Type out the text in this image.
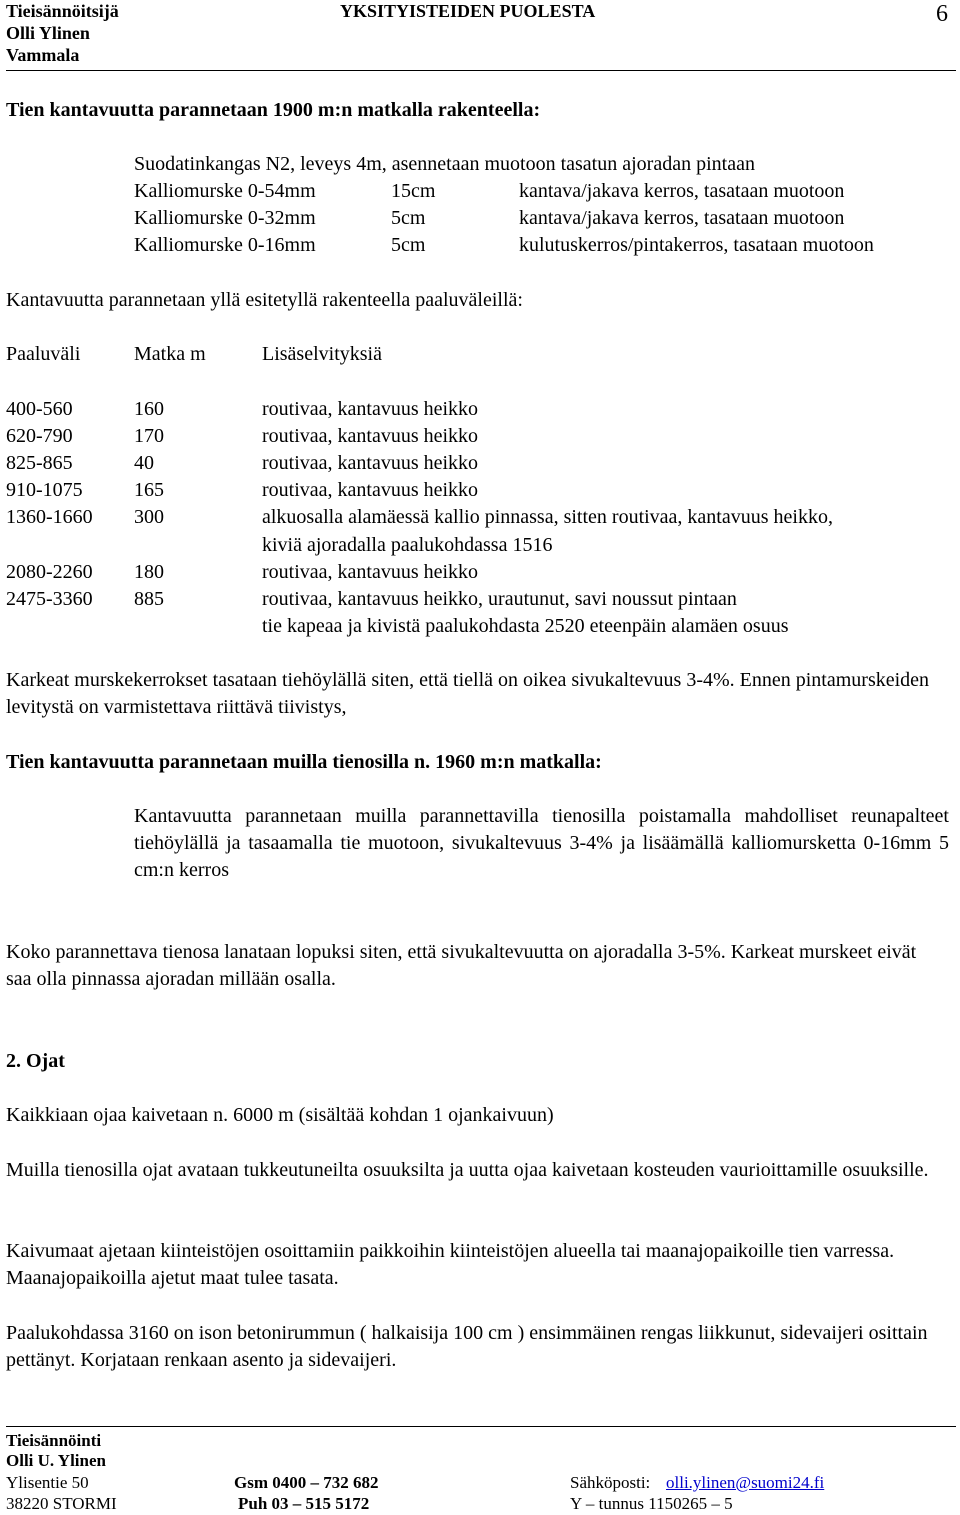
Tieisännöitsijä
Olli Ylinen
Vammala
YKSITYISTEIDEN PUOLESTA	6
Tien kantavuutta parannetaan 1900 m:n matkalla rakenteella:
Suodatinkangas N2, leveys 4m, asennetaan muotoon tasatun ajoradan pintaan
Kalliomurske 0-54mm	15cm	kantava/jakava kerros, tasataan muotoon
Kalliomurske 0-32mm	5cm	kantava/jakava kerros, tasataan muotoon
Kalliomurske 0-16mm	5cm	kulutuskerros/pintakerros, tasataan muotoon
Kantavuutta parannetaan yllä esitetyllä rakenteella paaluväleillä:
Paaluväli	Matka m	Lisäselvityksiä
400-560	160	routivaa, kantavuus heikko
620-790	170	routivaa, kantavuus heikko
825-865	40	routivaa, kantavuus heikko
910-1075	165	routivaa, kantavuus heikko
1360-1660 300	alkuosalla alamäessä kallio pinnassa, sitten routivaa, kantavuus heikko,
kiviä ajoradalla paalukohdassa 1516
2080-2260 180	routivaa, kantavuus heikko
2475-3360 885	routivaa, kantavuus heikko, urautunut, savi noussut pintaan
tie kapeaa ja kivistä paalukohdasta 2520 eteenpäin alamäen osuus
Karkeat murskekerrokset tasataan tiehöylällä siten, että tiellä on oikea sivukaltevuus 3-4%. Ennen pintamurskeiden levitystä on varmistettava riittävä tiivistys,
Tien kantavuutta parannetaan muilla tienosilla n. 1960 m:n matkalla:
Kantavuutta parannetaan muilla parannettavilla tienosilla poistamalla mahdolliset reunapalteet tiehöylällä ja tasaamalla tie muotoon, sivukaltevuus 3-4% ja lisäämällä kalliomursketta 0-16mm 5 cm:n kerros
Koko parannettava tienosa lanataan lopuksi siten, että sivukaltevuutta on ajoradalla 3-5%. Karkeat murskeet eivät saa olla pinnassa ajoradan millään osalla.
2. Ojat
Kaikkiaan ojaa kaivetaan n. 6000 m (sisältää kohdan 1 ojankaivuun)
Muilla tienosilla ojat avataan tukkeutuneilta osuuksilta ja uutta ojaa kaivetaan kosteuden vaurioittamille osuuksille.
Kaivumaat ajetaan kiinteistöjen osoittamiin paikkoihin kiinteistöjen alueella tai maanajopaikoille tien varressa. Maanajopaikoilla ajetut maat tulee tasata.
Paalukohdassa 3160 on ison betonirummun ( halkaisija 100 cm ) ensimmäinen rengas liikkunut, sidevaijeri osittain pettänyt. Korjataan renkaan asento ja sidevaijeri.
Tieisännöinti
Olli U. Ylinen
Ylisentie 50
38220 STORMI
Gsm 0400 – 732 682
Puh 03 – 515 5172
Sähköposti: olli.ylinen@suomi24.fi
Y – tunnus 1150265 – 5
